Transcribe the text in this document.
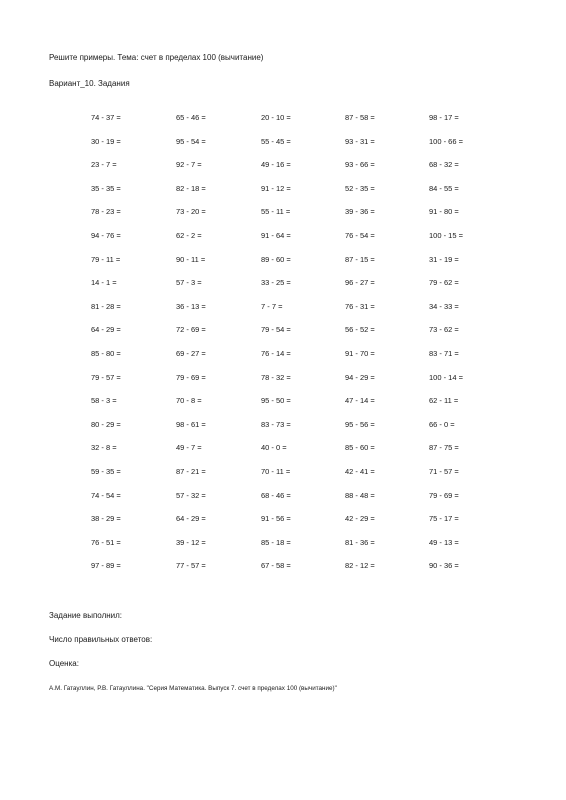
Решите примеры. Тема: счет в пределах 100 (вычитание)
Вариант_10. Задания
74 - 37 =	65 - 46 =	20 - 10 =	87 - 58 =	98 - 17 =
30 - 19 =	95 - 54 =	55 - 45 =	93 - 31 =	100 - 66 =
23 - 7 =	92 - 7 =	49 - 16 =	93 - 66 =	68 - 32 =
35 - 35 =	82 - 18 =	91 - 12 =	52 - 35 =	84 - 55 =
78 - 23 =	73 - 20 =	55 - 11 =	39 - 36 =	91 - 80 =
94 - 76 =	62 - 2 =	91 - 64 =	76 - 54 =	100 - 15 =
79 - 11 =	90 - 11 =	89 - 60 =	87 - 15 =	31 - 19 =
14 - 1 =	57 - 3 =	33 - 25 =	96 - 27 =	79 - 62 =
81 - 28 =	36 - 13 =	7 - 7 =	76 - 31 =	34 - 33 =
64 - 29 =	72 - 69 =	79 - 54 =	56 - 52 =	73 - 62 =
85 - 80 =	69 - 27 =	76 - 14 =	91 - 70 =	83 - 71 =
79 - 57 =	79 - 69 =	78 - 32 =	94 - 29 =	100 - 14 =
58 - 3 =	70 - 8 =	95 - 50 =	47 - 14 =	62 - 11 =
80 - 29 =	98 - 61 =	83 - 73 =	95 - 56 =	66 - 0 =
32 - 8 =	49 - 7 =	40 - 0 =	85 - 60 =	87 - 75 =
59 - 35 =	87 - 21 =	70 - 11 =	42 - 41 =	71 - 57 =
74 - 54 =	57 - 32 =	68 - 46 =	88 - 48 =	79 - 69 =
38 - 29 =	64 - 29 =	91 - 56 =	42 - 29 =	75 - 17 =
76 - 51 =	39 - 12 =	85 - 18 =	81 - 36 =	49 - 13 =
97 - 89 =	77 - 57 =	67 - 58 =	82 - 12 =	90 - 36 =
Задание выполнил:
Число правильных ответов:
Оценка:
А.М. Гатауллин, Р.В. Гатауллина. "Серия Математика. Выпуск 7. счет в пределах 100 (вычитание)"
